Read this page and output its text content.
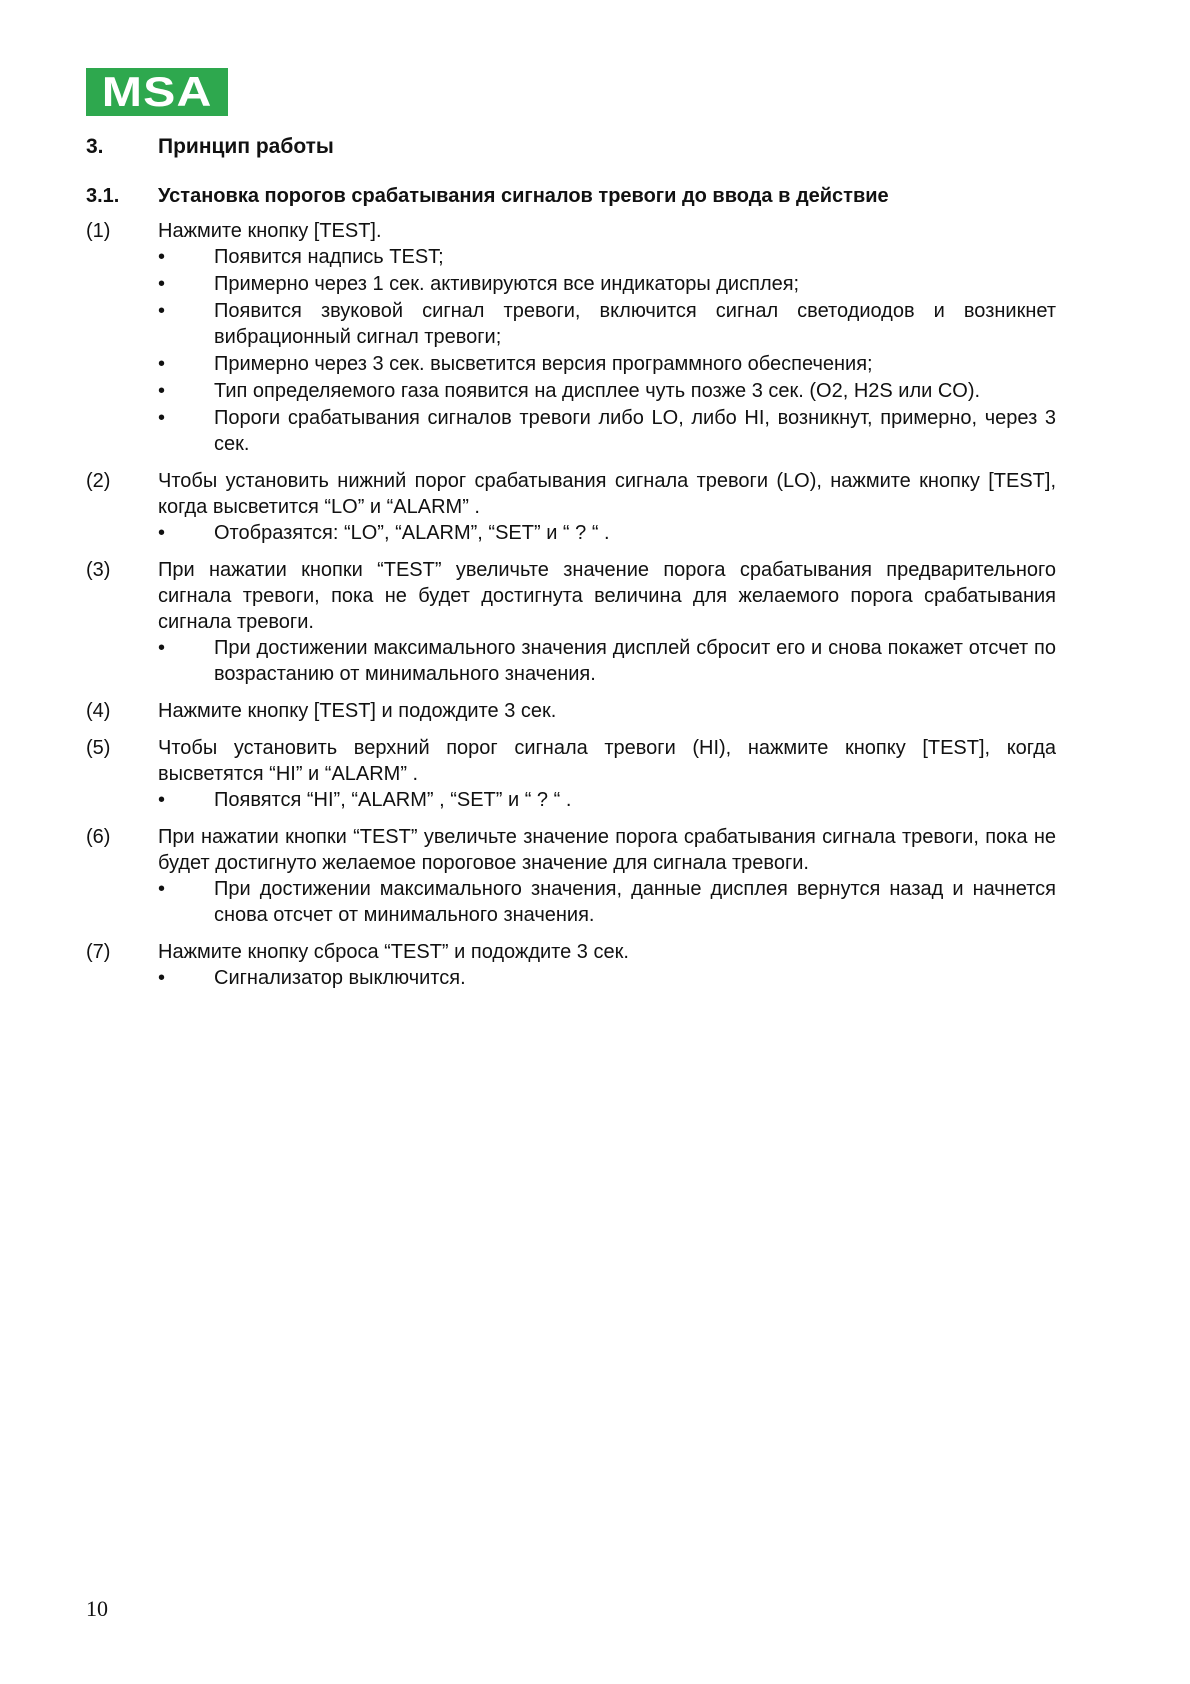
MSA
3.	Принцип работы
3.1.	Установка порогов срабатывания сигналов тревоги до ввода в действие
(1)	Нажмите кнопку [TEST].
•	Появится надпись TEST;
•	Примерно через 1 сек. активируются все индикаторы дисплея;
•	Появится звуковой сигнал тревоги, включится сигнал светодиодов и возникнет вибрационный сигнал тревоги;
•	Примерно через 3 сек. высветится версия программного обеспечения;
•	Тип определяемого газа появится на дисплее чуть позже 3 сек. (O2, H2S или CO).
•	Пороги срабатывания сигналов тревоги либо LO, либо HI, возникнут, примерно, через 3 сек.
(2)	Чтобы установить нижний порог срабатывания сигнала тревоги (LO), нажмите кнопку [TEST], когда высветится “LO” и “ALARM” .
•	Отобразятся: “LO”, “ALARM”, “SET” и “ ? “ .
(3)	При нажатии кнопки “TEST” увеличьте значение порога срабатывания предварительного сигнала тревоги, пока не будет достигнута величина для желаемого порога срабатывания сигнала тревоги.
•	При достижении максимального значения дисплей сбросит его и снова покажет отсчет по возрастанию от минимального значения.
(4)	Нажмите кнопку [TEST] и подождите 3 сек.
(5)	Чтобы установить верхний порог сигнала тревоги (HI), нажмите кнопку [TEST], когда высветятся “HI” и “ALARM” .
•	Появятся “HI”, “ALARM” , “SET” и “ ? “ .
(6)	При нажатии кнопки “TEST” увеличьте значение порога срабатывания сигнала тревоги, пока не будет достигнуто желаемое пороговое значение для сигнала тревоги.
•	При достижении максимального значения, данные дисплея вернутся назад и начнется снова отсчет от минимального значения.
(7)	Нажмите кнопку сброса “TEST” и подождите 3 сек.
•	Сигнализатор выключится.
10
